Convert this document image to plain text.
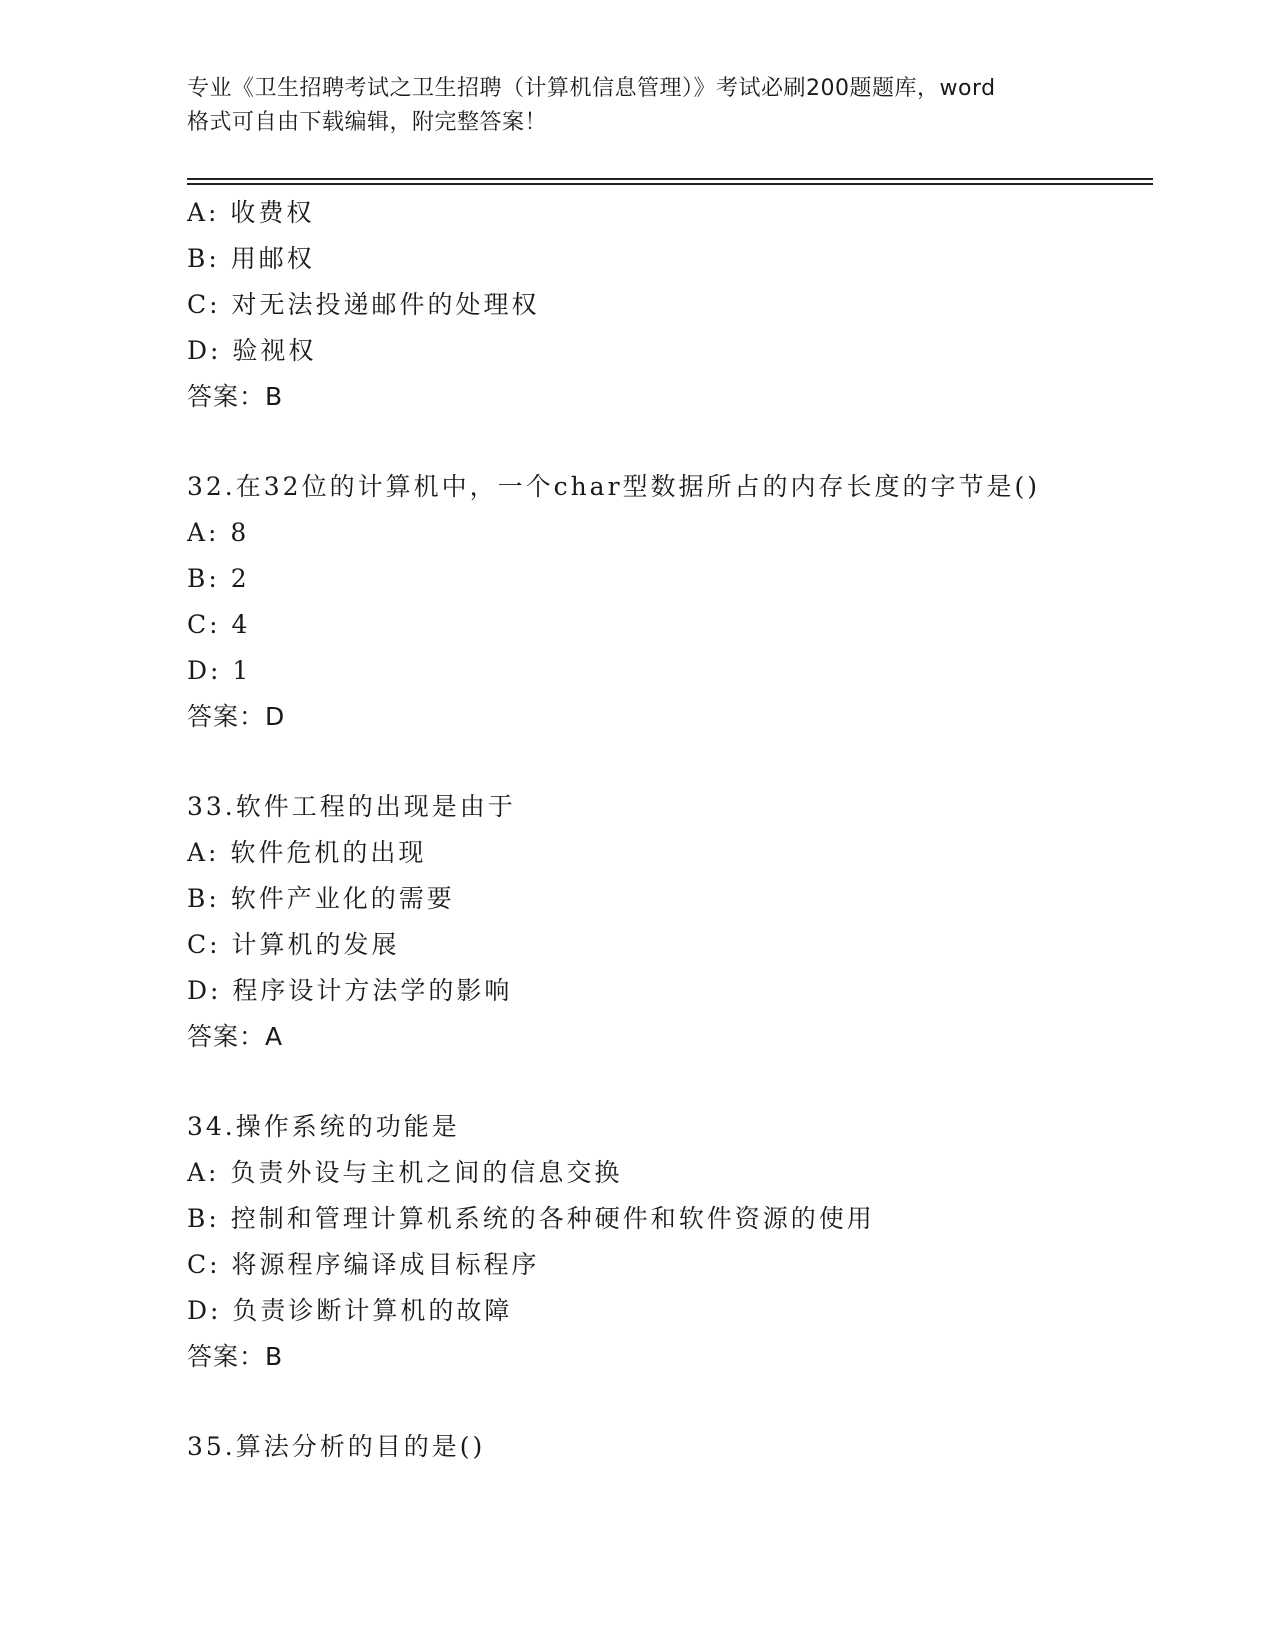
专业《卫生招聘考试之卫生招聘（计算机信息管理）》考试必刷200题题库，word
格式可自由下载编辑，附完整答案！
A: 收费权
B: 用邮权
C: 对无法投递邮件的处理权
D: 验视权
答案：B
32.在32位的计算机中，一个char型数据所占的内存长度的字节是()
A: 8
B: 2
C: 4
D: 1
答案：D
33.软件工程的出现是由于
A: 软件危机的出现
B: 软件产业化的需要
C: 计算机的发展
D: 程序设计方法学的影响
答案：A
34.操作系统的功能是
A: 负责外设与主机之间的信息交换
B: 控制和管理计算机系统的各种硬件和软件资源的使用
C: 将源程序编译成目标程序
D: 负责诊断计算机的故障
答案：B
35.算法分析的目的是()
